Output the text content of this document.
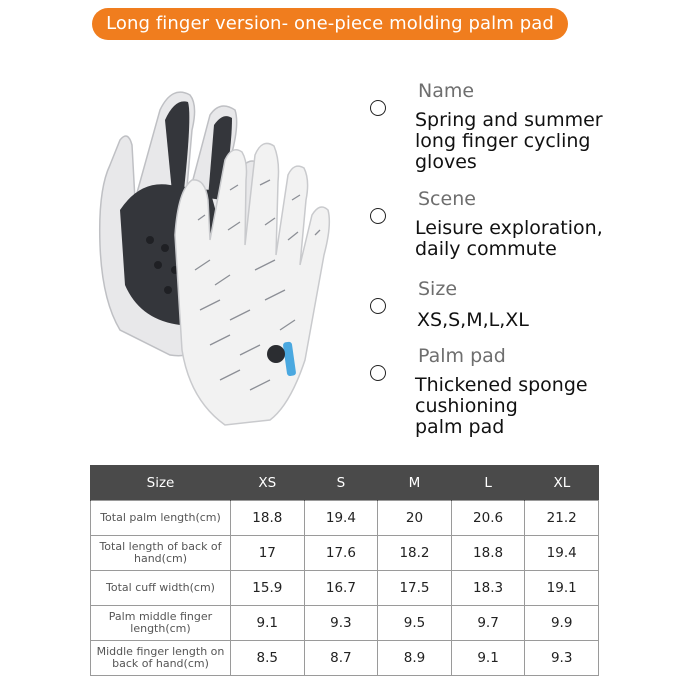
Long finger version- one-piece molding palm pad
Name
Spring and summer
long finger cycling
gloves
Scene
Leisure exploration,
daily commute
Size
XS,S,M,L,XL
Palm pad
Thickened sponge
cushioning
palm pad
Size	XS	S	M	L	XL
Total palm length(cm)	18.8	19.4	20	20.6	21.2
Total length of back of hand(cm)	17	17.6	18.2	18.8	19.4
Total cuff width(cm)	15.9	16.7	17.5	18.3	19.1
Palm middle finger length(cm)	9.1	9.3	9.5	9.7	9.9
Middle finger length on back of hand(cm)	8.5	8.7	8.9	9.1	9.3
